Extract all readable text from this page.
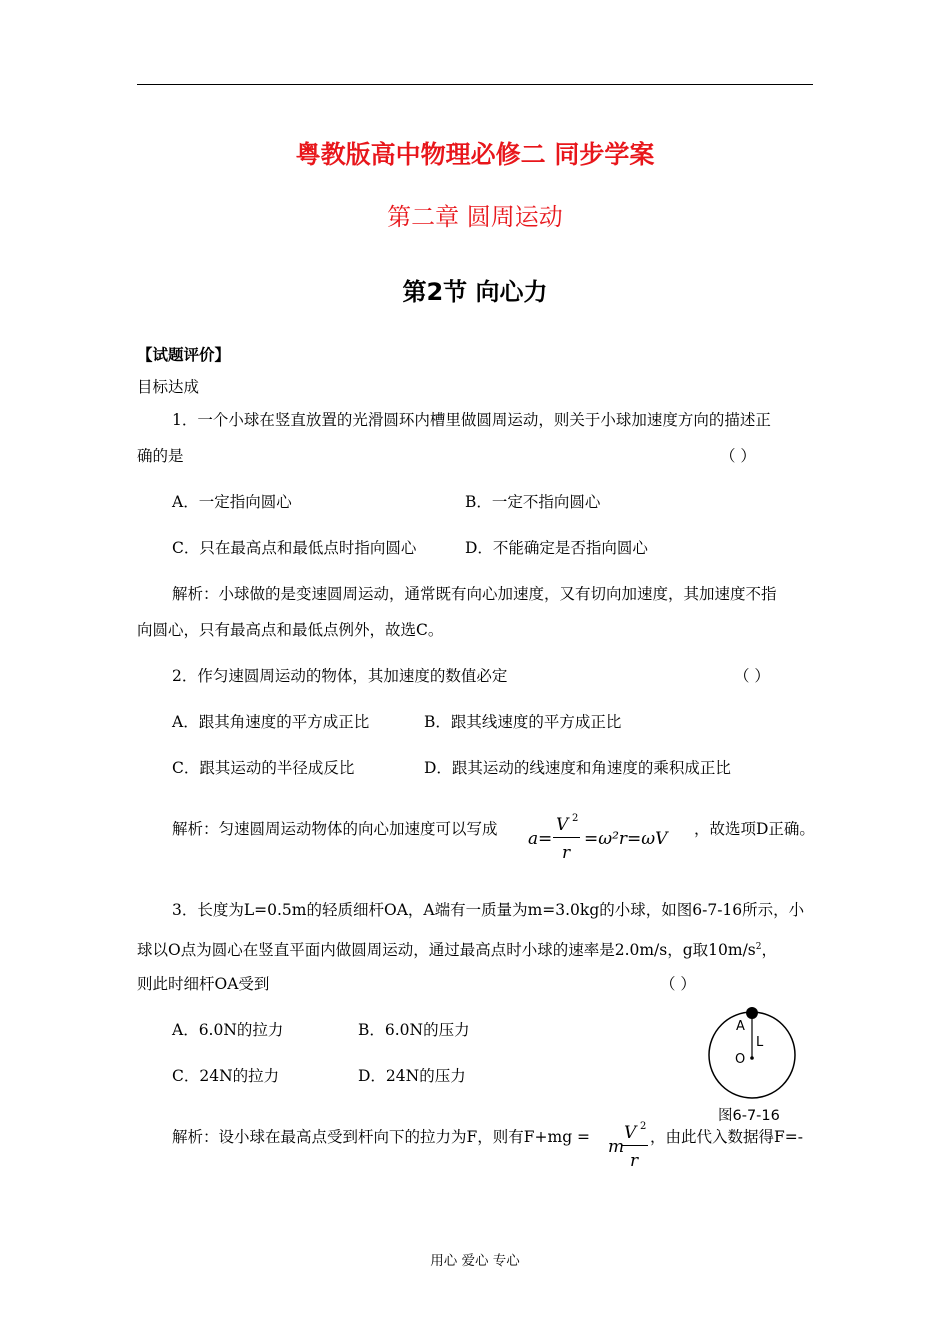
粤教版高中物理必修二 同步学案
第二章 圆周运动
第2节 向心力
【试题评价】
目标达成
1．一个小球在竖直放置的光滑圆环内槽里做圆周运动，则关于小球加速度方向的描述正
确的是	（ ）
A．一定指向圆心	B．一定不指向圆心
C．只在最高点和最低点时指向圆心	D．不能确定是否指向圆心
解析：小球做的是变速圆周运动，通常既有向心加速度，又有切向加速度，其加速度不指
向圆心，只有最高点和最低点例外，故选C。
2．作匀速圆周运动的物体，其加速度的数值必定	（ ）
A．跟其角速度的平方成正比	B．跟其线速度的平方成正比
C．跟其运动的半径成反比	D．跟其运动的线速度和角速度的乘积成正比
解析：匀速圆周运动物体的向心加速度可以写成 a =
V 2
r
=ω²r=ωV ，故选项D正确。
3．长度为L=0.5m的轻质细杆OA，A端有一质量为m=3.0kg的小球，如图6-7-16所示，小
球以O点为圆心在竖直平面内做圆周运动，通过最高点时小球的速率是2.0m/s，g取$10m/s^2$，
则此时细杆OA受到	（ ）
A．6.0N的拉力	B．6.0N的压力
C．24N的拉力	D．24N的压力
解析：设小球在最高点受到杆向下的拉力为F，则有F+mg = m
V 2
r
，由此代入数据得F=-
A
L
O
图6-7-16
用心 爱心 专心
